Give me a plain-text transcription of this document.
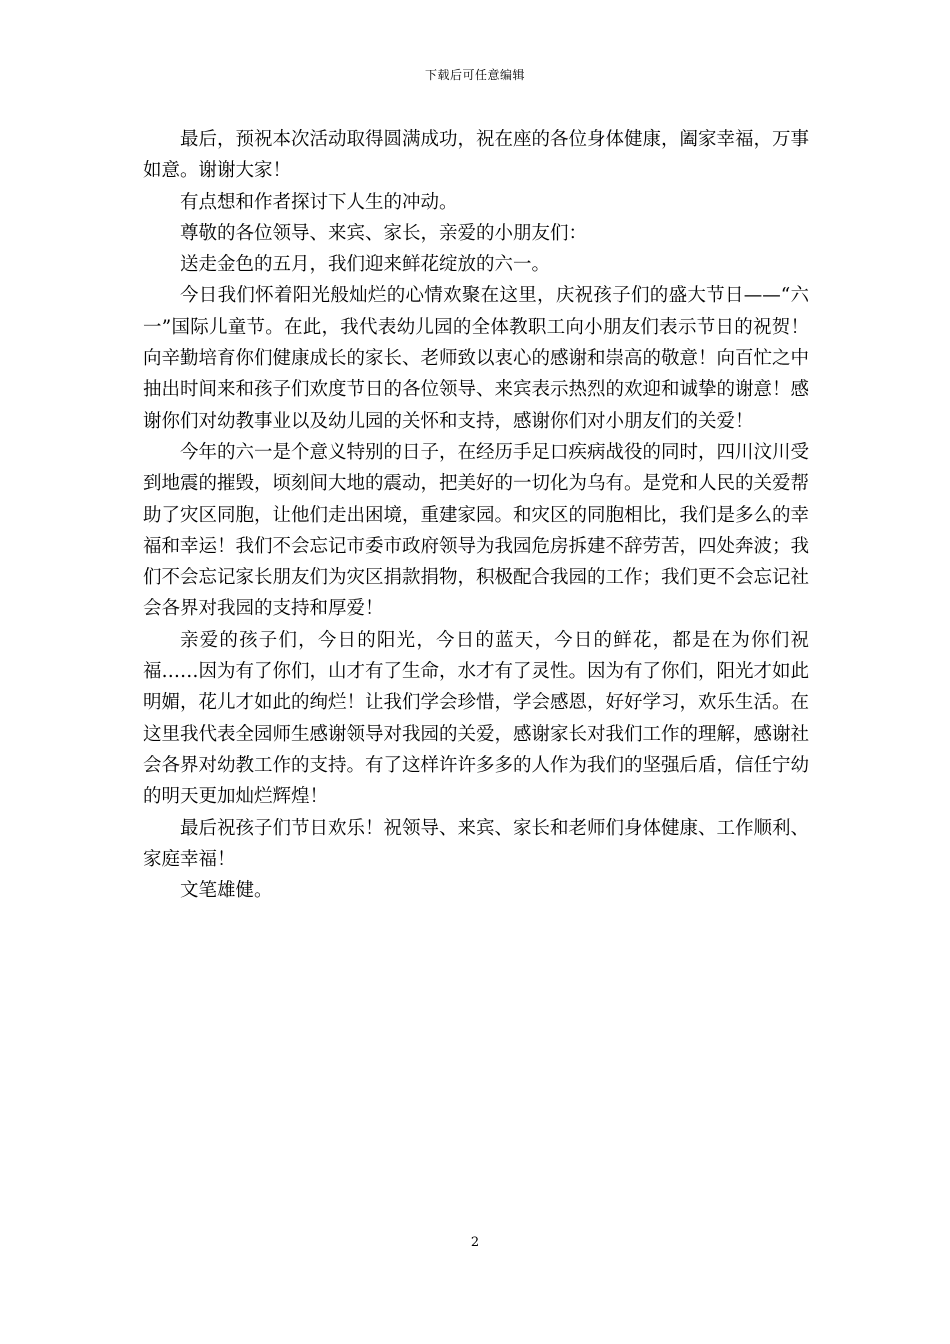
下载后可任意编辑

最后，预祝本次活动取得圆满成功，祝在座的各位身体健康，阖家幸福，万事如意。谢谢大家！

有点想和作者探讨下人生的冲动。

尊敬的各位领导、来宾、家长，亲爱的小朋友们：

送走金色的五月，我们迎来鲜花绽放的六一。

今日我们怀着阳光般灿烂的心情欢聚在这里，庆祝孩子们的盛大节日——“六一”国际儿童节。在此，我代表幼儿园的全体教职工向小朋友们表示节日的祝贺！向辛勤培育你们健康成长的家长、老师致以衷心的感谢和崇高的敬意！向百忙之中抽出时间来和孩子们欢度节日的各位领导、来宾表示热烈的欢迎和诚挚的谢意！感谢你们对幼教事业以及幼儿园的关怀和支持，感谢你们对小朋友们的关爱！

今年的六一是个意义特别的日子，在经历手足口疾病战役的同时，四川汶川受到地震的摧毁，顷刻间大地的震动，把美好的一切化为乌有。是党和人民的关爱帮助了灾区同胞，让他们走出困境，重建家园。和灾区的同胞相比，我们是多么的幸福和幸运！我们不会忘记市委市政府领导为我园危房拆建不辞劳苦，四处奔波；我们不会忘记家长朋友们为灾区捐款捐物，积极配合我园的工作；我们更不会忘记社会各界对我园的支持和厚爱！

亲爱的孩子们，今日的阳光，今日的蓝天，今日的鲜花，都是在为你们祝福……因为有了你们，山才有了生命，水才有了灵性。因为有了你们，阳光才如此明媚，花儿才如此的绚烂！让我们学会珍惜，学会感恩，好好学习，欢乐生活。在这里我代表全园师生感谢领导对我园的关爱，感谢家长对我们工作的理解，感谢社会各界对幼教工作的支持。有了这样许许多多的人作为我们的坚强后盾，信任宁幼的明天更加灿烂辉煌！

最后祝孩子们节日欢乐！祝领导、来宾、家长和老师们身体健康、工作顺利、家庭幸福！

文笔雄健。

2
